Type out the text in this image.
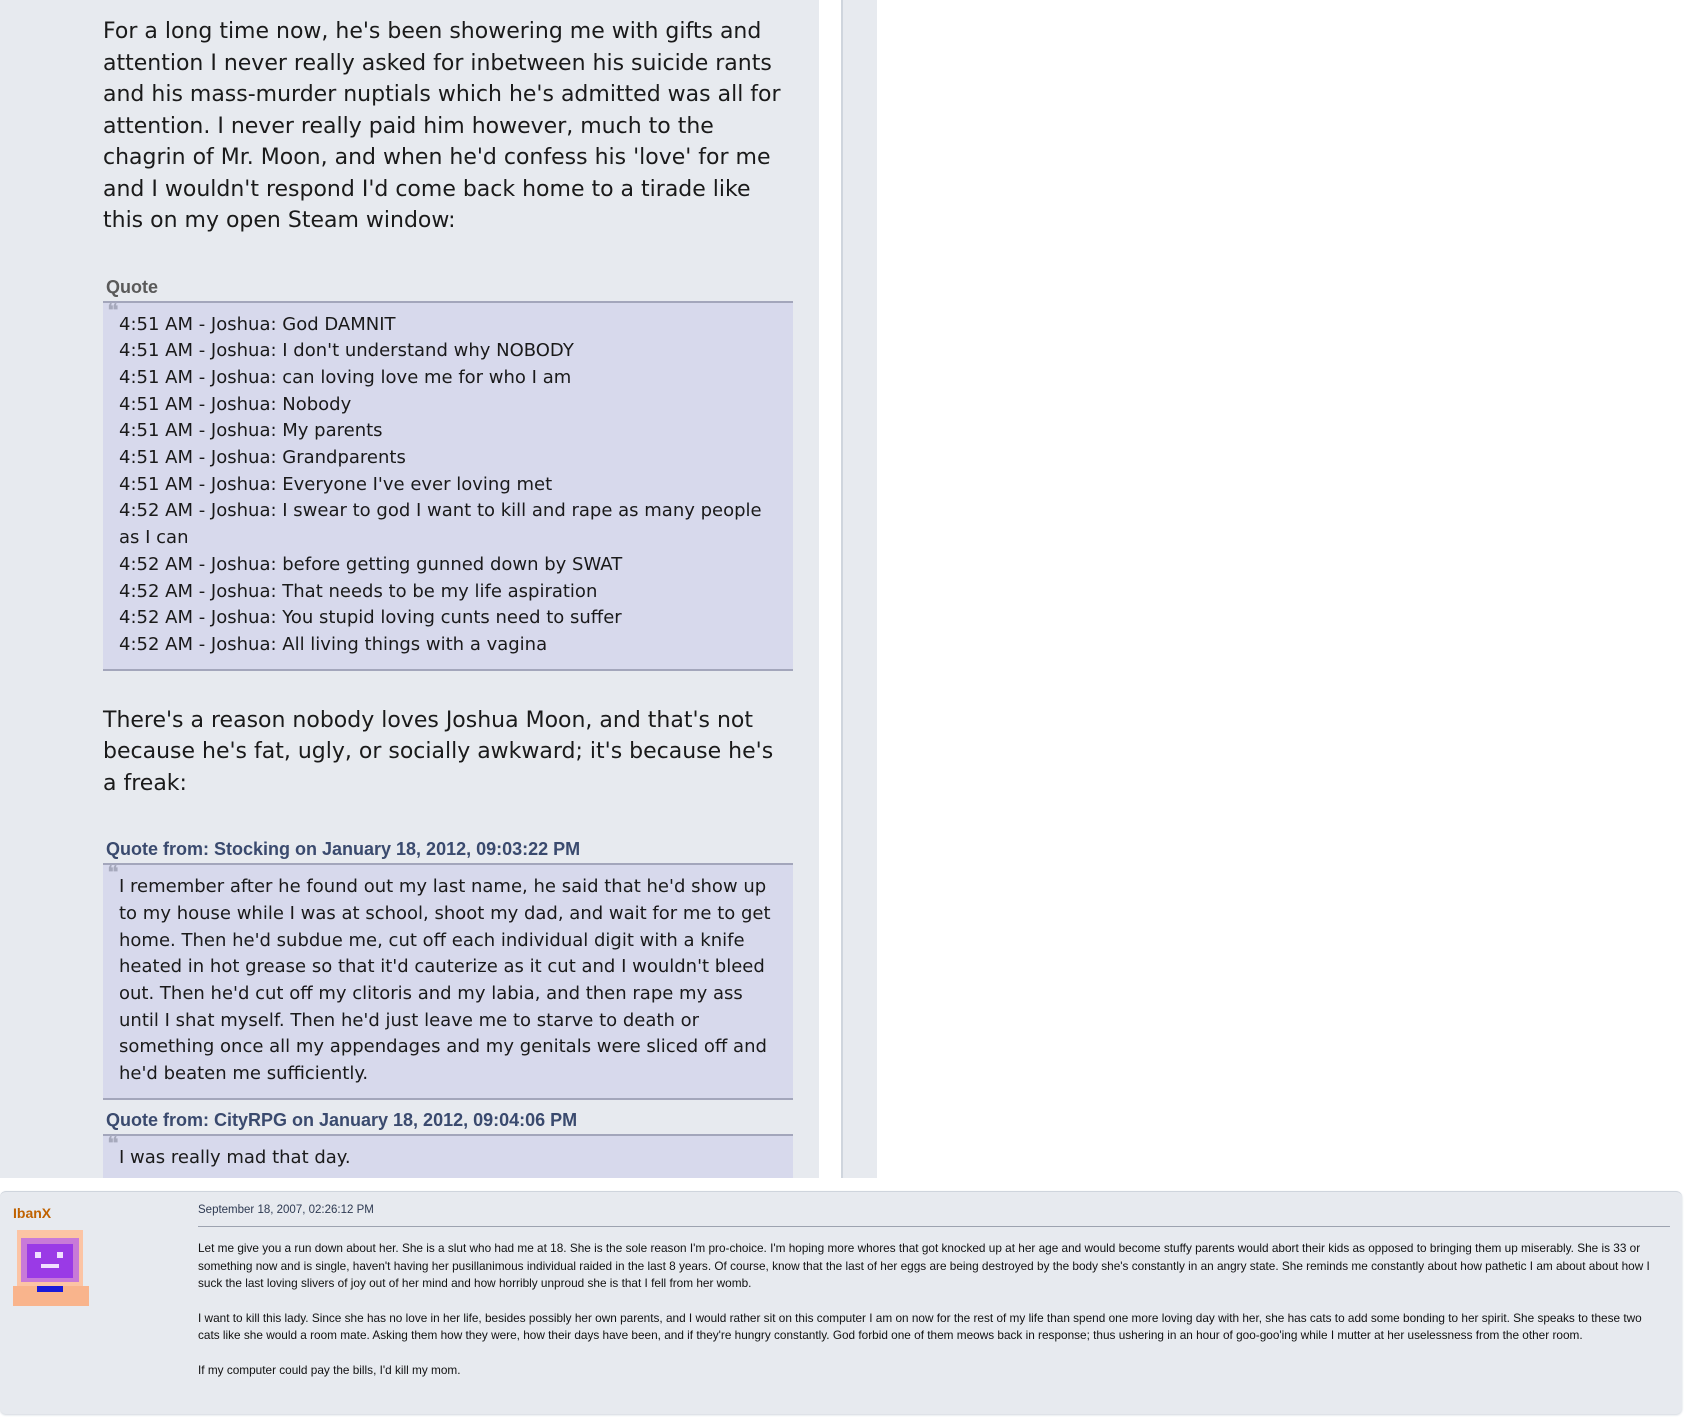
For a long time now, he's been showering me with gifts and attention I never really asked for inbetween his suicide rants and his mass-murder nuptials which he's admitted was all for attention. I never really paid him however, much to the chagrin of Mr. Moon, and when he'd confess his 'love' for me and I wouldn't respond I'd come back home to a tirade like this on my open Steam window:

Quote
❝
4:51 AM - Joshua: God DAMNIT
4:51 AM - Joshua: I don't understand why NOBODY
4:51 AM - Joshua: can loving love me for who I am
4:51 AM - Joshua: Nobody
4:51 AM - Joshua: My parents
4:51 AM - Joshua: Grandparents
4:51 AM - Joshua: Everyone I've ever loving met
4:52 AM - Joshua: I swear to god I want to kill and rape as many people as I can
4:52 AM - Joshua: before getting gunned down by SWAT
4:52 AM - Joshua: That needs to be my life aspiration
4:52 AM - Joshua: You stupid loving cunts need to suffer
4:52 AM - Joshua: All living things with a vagina

There's a reason nobody loves Joshua Moon, and that's not because he's fat, ugly, or socially awkward; it's because he's a freak:

Quote from: Stocking on January 18, 2012, 09:03:22 PM
❝
I remember after he found out my last name, he said that he'd show up to my house while I was at school, shoot my dad, and wait for me to get home. Then he'd subdue me, cut off each individual digit with a knife heated in hot grease so that it'd cauterize as it cut and I wouldn't bleed out. Then he'd cut off my clitoris and my labia, and then rape my ass until I shat myself. Then he'd just leave me to starve to death or something once all my appendages and my genitals were sliced off and he'd beaten me sufficiently.
Quote from: CityRPG on January 18, 2012, 09:04:06 PM
❝
I was really mad that day.
IbanX	September 18, 2007, 02:26:12 PM

Let me give you a run down about her. She is a slut who had me at 18. She is the sole reason I'm pro-choice. I'm hoping more whores that got knocked up at her age and would become stuffy parents would abort their kids as opposed to bringing them up miserably. She is 33 or something now and is single, haven't having her pusillanimous individual raided in the last 8 years. Of course, know that the last of her eggs are being destroyed by the body she's constantly in an angry state. She reminds me constantly about how pathetic I am about about how I suck the last loving slivers of joy out of her mind and how horribly unproud she is that I fell from her womb.

I want to kill this lady. Since she has no love in her life, besides possibly her own parents, and I would rather sit on this computer I am on now for the rest of my life than spend one more loving day with her, she has cats to add some bonding to her spirit. She speaks to these two cats like she would a room mate. Asking them how they were, how their days have been, and if they're hungry constantly. God forbid one of them meows back in response; thus ushering in an hour of goo-goo'ing while I mutter at her uselessness from the other room.

If my computer could pay the bills, I'd kill my mom.
